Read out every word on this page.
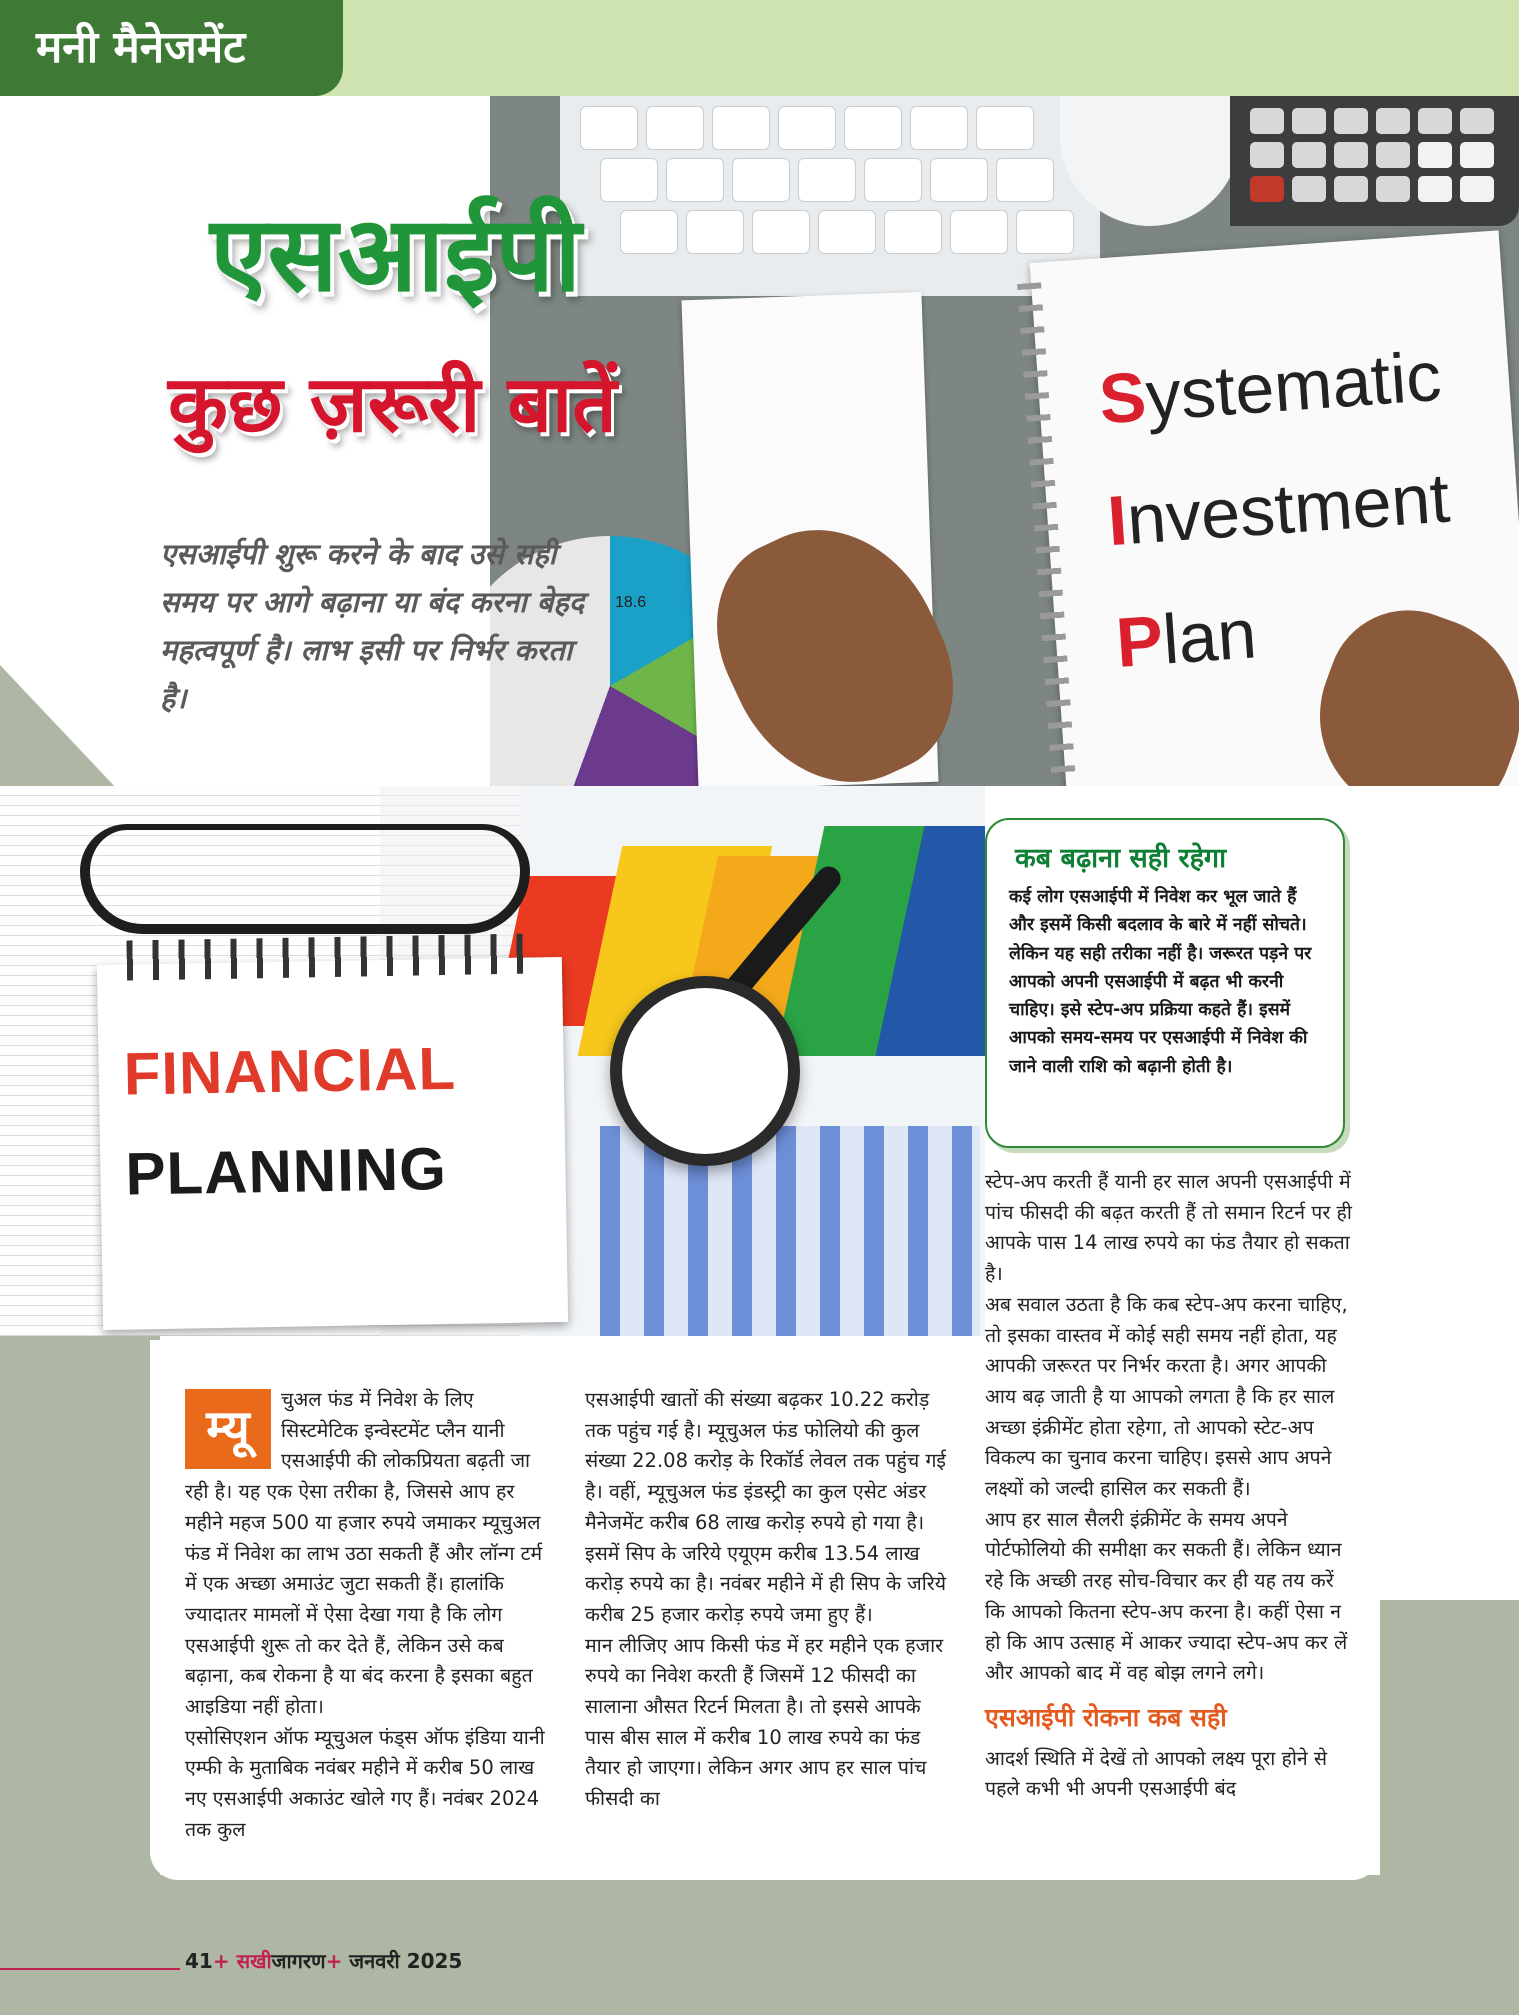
मनी मैनेजमेंट
18.6
Systematic
Investment
Plan
एसआईपी
कुछ ज़रूरी बातें
एसआईपी शुरू करने के बाद उसे सही समय पर आगे बढ़ाना या बंद करना बेहद महत्वपूर्ण है। लाभ इसी पर निर्भर करता है।
FINANCIAL
PLANNING
कब बढ़ाना सही रहेगा

कई लोग एसआईपी में निवेश कर भूल जाते हैं और इसमें किसी बदलाव के बारे में नहीं सोचते। लेकिन यह सही तरीका नहीं है। जरूरत पड़ने पर आपको अपनी एसआईपी में बढ़त भी करनी चाहिए। इसे स्टेप-अप प्रक्रिया कहते हैं। इसमें आपको समय-समय पर एसआईपी में निवेश की जाने वाली राशि को बढ़ानी होती है।

म्यू

चुअल फंड में निवेश के लिए सिस्टमेटिक इन्वेस्टमेंट प्लैन यानी एसआईपी की लोकप्रियता बढ़ती जा रही है। यह एक ऐसा तरीका है, जिससे आप हर महीने महज 500 या हजार रुपये जमाकर म्यूचुअल फंड में निवेश का लाभ उठा सकती हैं और लॉन्ग टर्म में एक अच्छा अमाउंट जुटा सकती हैं। हालांकि ज्यादातर मामलों में ऐसा देखा गया है कि लोग एसआईपी शुरू तो कर देते हैं, लेकिन उसे कब बढ़ाना, कब रोकना है या बंद करना है इसका बहुत आइडिया नहीं होता।

एसोसिएशन ऑफ म्यूचुअल फंड्स ऑफ इंडिया यानी एम्फी के मुताबिक नवंबर महीने में करीब 50 लाख नए एसआईपी अकाउंट खोले गए हैं। नवंबर 2024 तक कुल

एसआईपी खातों की संख्या बढ़कर 10.22 करोड़ तक पहुंच गई है। म्यूचुअल फंड फोलियो की कुल संख्या 22.08 करोड़ के रिकॉर्ड लेवल तक पहुंच गई है। वहीं, म्यूचुअल फंड इंडस्ट्री का कुल एसेट अंडर मैनेजमेंट करीब 68 लाख करोड़ रुपये हो गया है। इसमें सिप के जरिये एयूएम करीब 13.54 लाख करोड़ रुपये का है। नवंबर महीने में ही सिप के जरिये करीब 25 हजार करोड़ रुपये जमा हुए हैं।

मान लीजिए आप किसी फंड में हर महीने एक हजार रुपये का निवेश करती हैं जिसमें 12 फीसदी का सालाना औसत रिटर्न मिलता है। तो इससे आपके पास बीस साल में करीब 10 लाख रुपये का फंड तैयार हो जाएगा। लेकिन अगर आप हर साल पांच फीसदी का

स्टेप-अप करती हैं यानी हर साल अपनी एसआईपी में पांच फीसदी की बढ़त करती हैं तो समान रिटर्न पर ही आपके पास 14 लाख रुपये का फंड तैयार हो सकता है।

अब सवाल उठता है कि कब स्टेप-अप करना चाहिए, तो इसका वास्तव में कोई सही समय नहीं होता, यह आपकी जरूरत पर निर्भर करता है। अगर आपकी आय बढ़ जाती है या आपको लगता है कि हर साल अच्छा इंक्रीमेंट होता रहेगा, तो आपको स्टेट-अप विकल्प का चुनाव करना चाहिए। इससे आप अपने लक्ष्यों को जल्दी हासिल कर सकती हैं।

आप हर साल सैलरी इंक्रीमेंट के समय अपने पोर्टफोलियो की समीक्षा कर सकती हैं। लेकिन ध्यान रहे कि अच्छी तरह सोच-विचार कर ही यह तय करें कि आपको कितना स्टेप-अप करना है। कहीं ऐसा न हो कि आप उत्साह में आकर ज्यादा स्टेप-अप कर लें और आपको बाद में वह बोझ लगने लगे।

एसआईपी रोकना कब सही

आदर्श स्थिति में देखें तो आपको लक्ष्य पूरा होने से पहले कभी भी अपनी एसआईपी बंद

41+ सखीजागरण+ जनवरी 2025
